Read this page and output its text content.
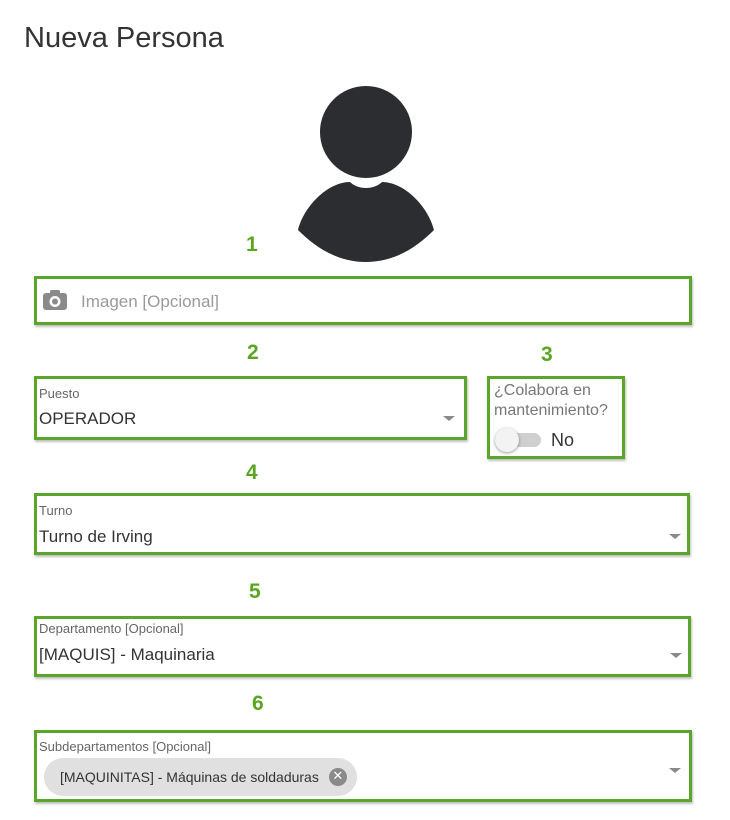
Nueva Persona
1
2	3
4
5
6
Imagen [Opcional]
Puesto
OPERADOR
¿Colabora en mantenimiento?
No
Turno
Turno de Irving
Departamento [Opcional]
[MAQUIS] - Maquinaria
Subdepartamentos [Opcional]
[MAQUINITAS] - Máquinas de soldaduras ✕
